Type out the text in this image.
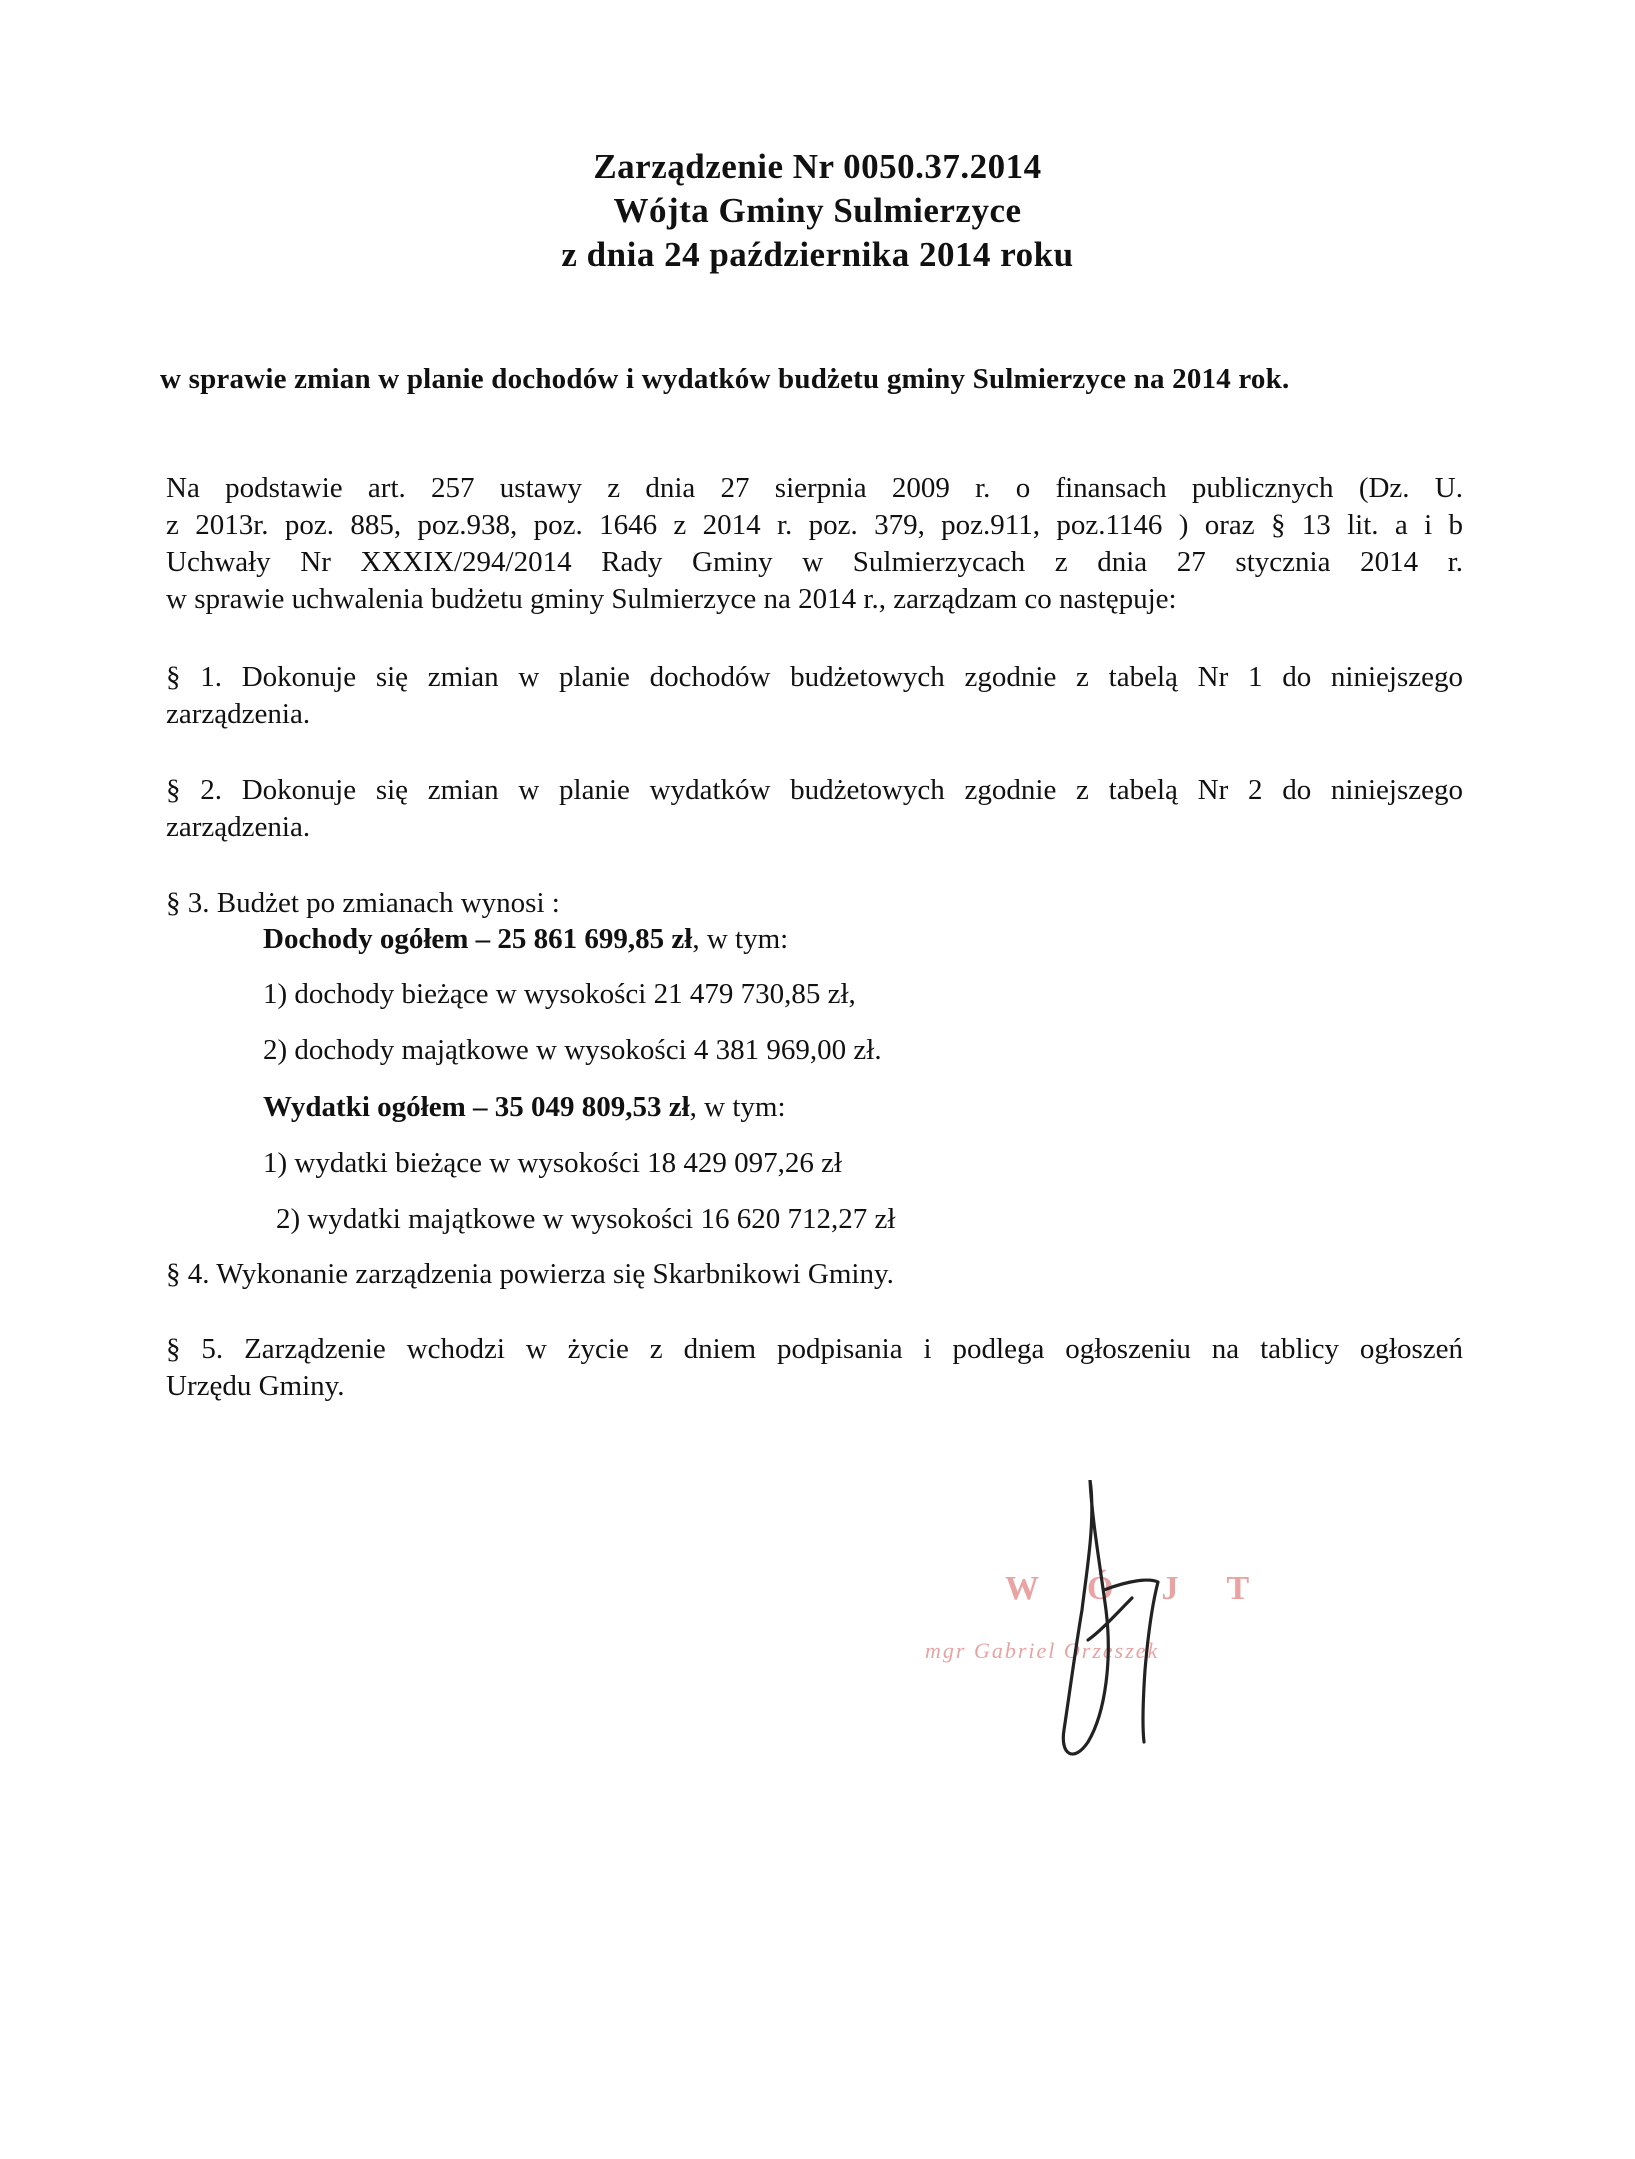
Zarządzenie Nr 0050.37.2014
Wójta Gminy Sulmierzyce
z dnia 24 października 2014 roku
w sprawie zmian w planie dochodów i wydatków budżetu gminy Sulmierzyce na 2014 rok.
Na podstawie art. 257 ustawy z dnia 27 sierpnia 2009 r. o finansach publicznych (Dz. U.
z 2013r. poz. 885, poz.938, poz. 1646 z 2014 r. poz. 379, poz.911, poz.1146 ) oraz § 13 lit. a i b
Uchwały Nr XXXIX/294/2014 Rady Gminy w Sulmierzycach z dnia 27 stycznia 2014 r.
w sprawie uchwalenia budżetu gminy Sulmierzyce na 2014 r., zarządzam co następuje:
§ 1. Dokonuje się zmian w planie dochodów budżetowych zgodnie z tabelą Nr 1 do niniejszego
zarządzenia.
§ 2. Dokonuje się zmian w planie wydatków budżetowych zgodnie z tabelą Nr 2 do niniejszego
zarządzenia.
§ 3. Budżet po zmianach wynosi :
Dochody ogółem – 25 861 699,85 zł, w tym:
1) dochody bieżące w wysokości 21 479 730,85 zł,
2) dochody majątkowe w wysokości 4 381 969,00 zł.
Wydatki ogółem – 35 049 809,53 zł, w tym:
1) wydatki bieżące w wysokości 18 429 097,26 zł
2) wydatki majątkowe w wysokości 16 620 712,27 zł
§ 4. Wykonanie zarządzenia powierza się Skarbnikowi Gminy.
§ 5. Zarządzenie wchodzi w życie z dniem podpisania i podlega ogłoszeniu na tablicy ogłoszeń
Urzędu Gminy.
WÓJT
mgr Gabriel Orzeszek
